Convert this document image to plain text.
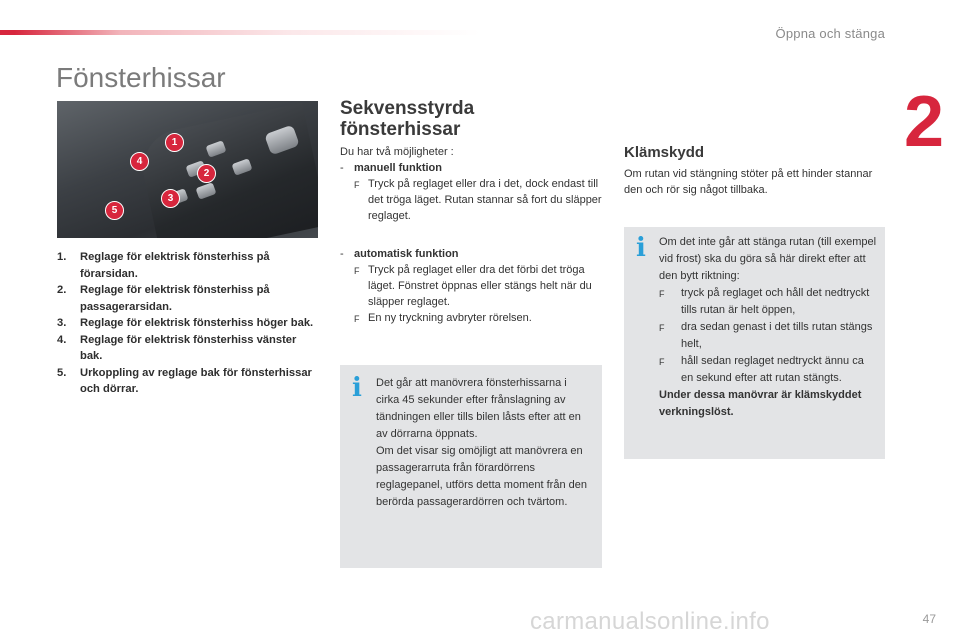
Öppna och stänga
2
Fönsterhissar
1
2
3
4
5
1.	Reglage för elektrisk fönsterhiss på förarsidan.
2.	Reglage för elektrisk fönsterhiss på passagerarsidan.
3.	Reglage för elektrisk fönsterhiss höger bak.
4.	Reglage för elektrisk fönsterhiss vänster bak.
5.	Urkoppling av reglage bak för fönsterhissar och dörrar.
Sekvensstyrda fönsterhissar
Du har två möjligheter :
- manuell funktion
F Tryck på reglaget eller dra i det, dock endast till det tröga läget. Rutan stannar så fort du släpper reglaget.
- automatisk funktion
F Tryck på reglaget eller dra det förbi det tröga läget. Fönstret öppnas eller stängs helt när du släpper reglaget.
F En ny tryckning avbryter rörelsen.
i Det går att manövrera fönsterhissarna i cirka 45 sekunder efter frånslagning av tändningen eller tills bilen låsts efter att en av dörrarna öppnats.
Om det visar sig omöjligt att manövrera en passagerarruta från förardörrens reglagepanel, utförs detta moment från den berörda passagerardörren och tvärtom.
Klämskydd
Om rutan vid stängning stöter på ett hinder stannar den och rör sig något tillbaka.
i Om det inte går att stänga rutan (till exempel vid frost) ska du göra så här direkt efter att den bytt riktning:
F	tryck på reglaget och håll det nedtryckt tills rutan är helt öppen,
F	dra sedan genast i det tills rutan stängs helt,
F	håll sedan reglaget nedtryckt ännu ca en sekund efter att rutan stängts.
Under dessa manövrar är klämskyddet verkningslöst.
carmanualsonline.info	47
